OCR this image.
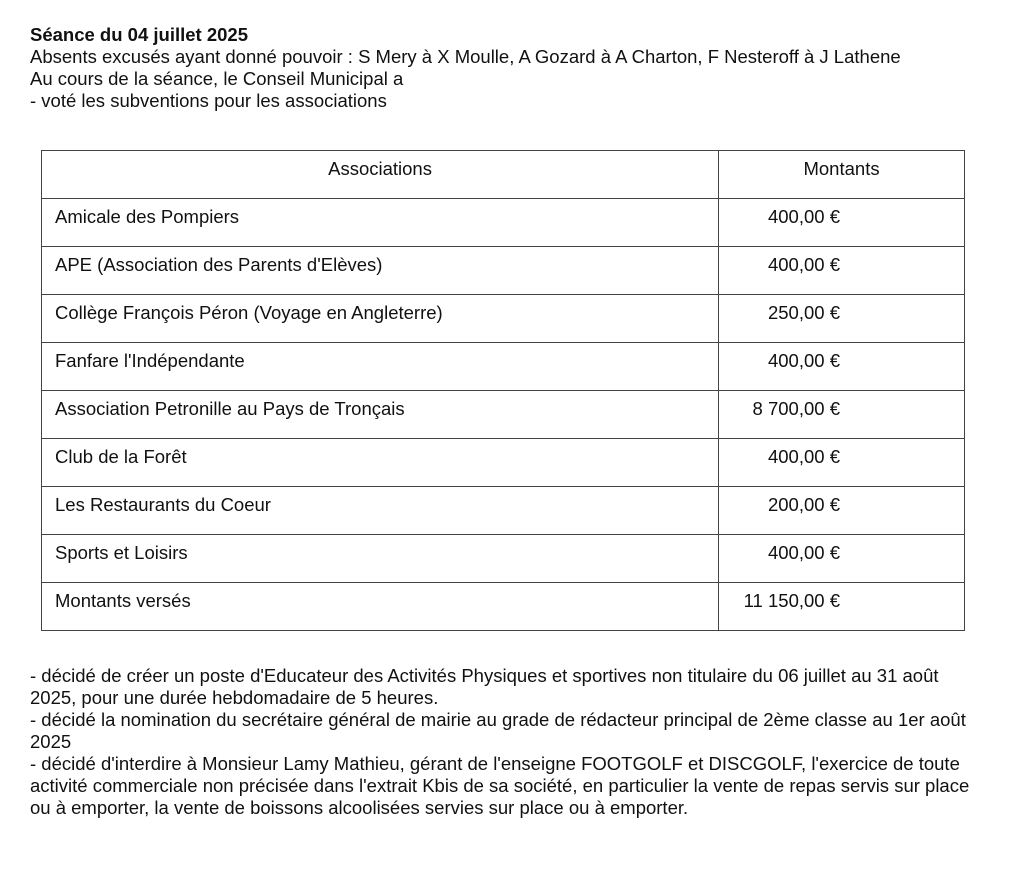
Séance du 04 juillet 2025
Absents excusés ayant donné pouvoir : S Mery à X Moulle, A Gozard à A Charton, F Nesteroff à J Lathene
Au cours de la séance, le Conseil Municipal a
- voté les subventions pour les associations
Associations	Montants
Amicale des Pompiers	400,00 €
APE (Association des Parents d'Elèves)	400,00 €
Collège François Péron (Voyage en Angleterre)	250,00 €
Fanfare l'Indépendante	400,00 €
Association Petronille au Pays de Tronçais	8 700,00 €
Club de la Forêt	400,00 €
Les Restaurants du Coeur	200,00 €
Sports et Loisirs	400,00 €
Montants versés	11 150,00 €
- décidé de créer un poste d'Educateur des Activités Physiques et sportives non titulaire du 06 juillet au 31 août 2025, pour une durée hebdomadaire de 5 heures.
- décidé la nomination du secrétaire général de mairie au grade de rédacteur principal de 2ème classe au 1er août 2025
- décidé d'interdire à Monsieur Lamy Mathieu, gérant de l'enseigne FOOTGOLF et DISCGOLF, l'exercice de toute activité commerciale non précisée dans l'extrait Kbis de sa société, en particulier la vente de repas servis sur place ou à emporter, la vente de boissons alcoolisées servies sur place ou à emporter.
